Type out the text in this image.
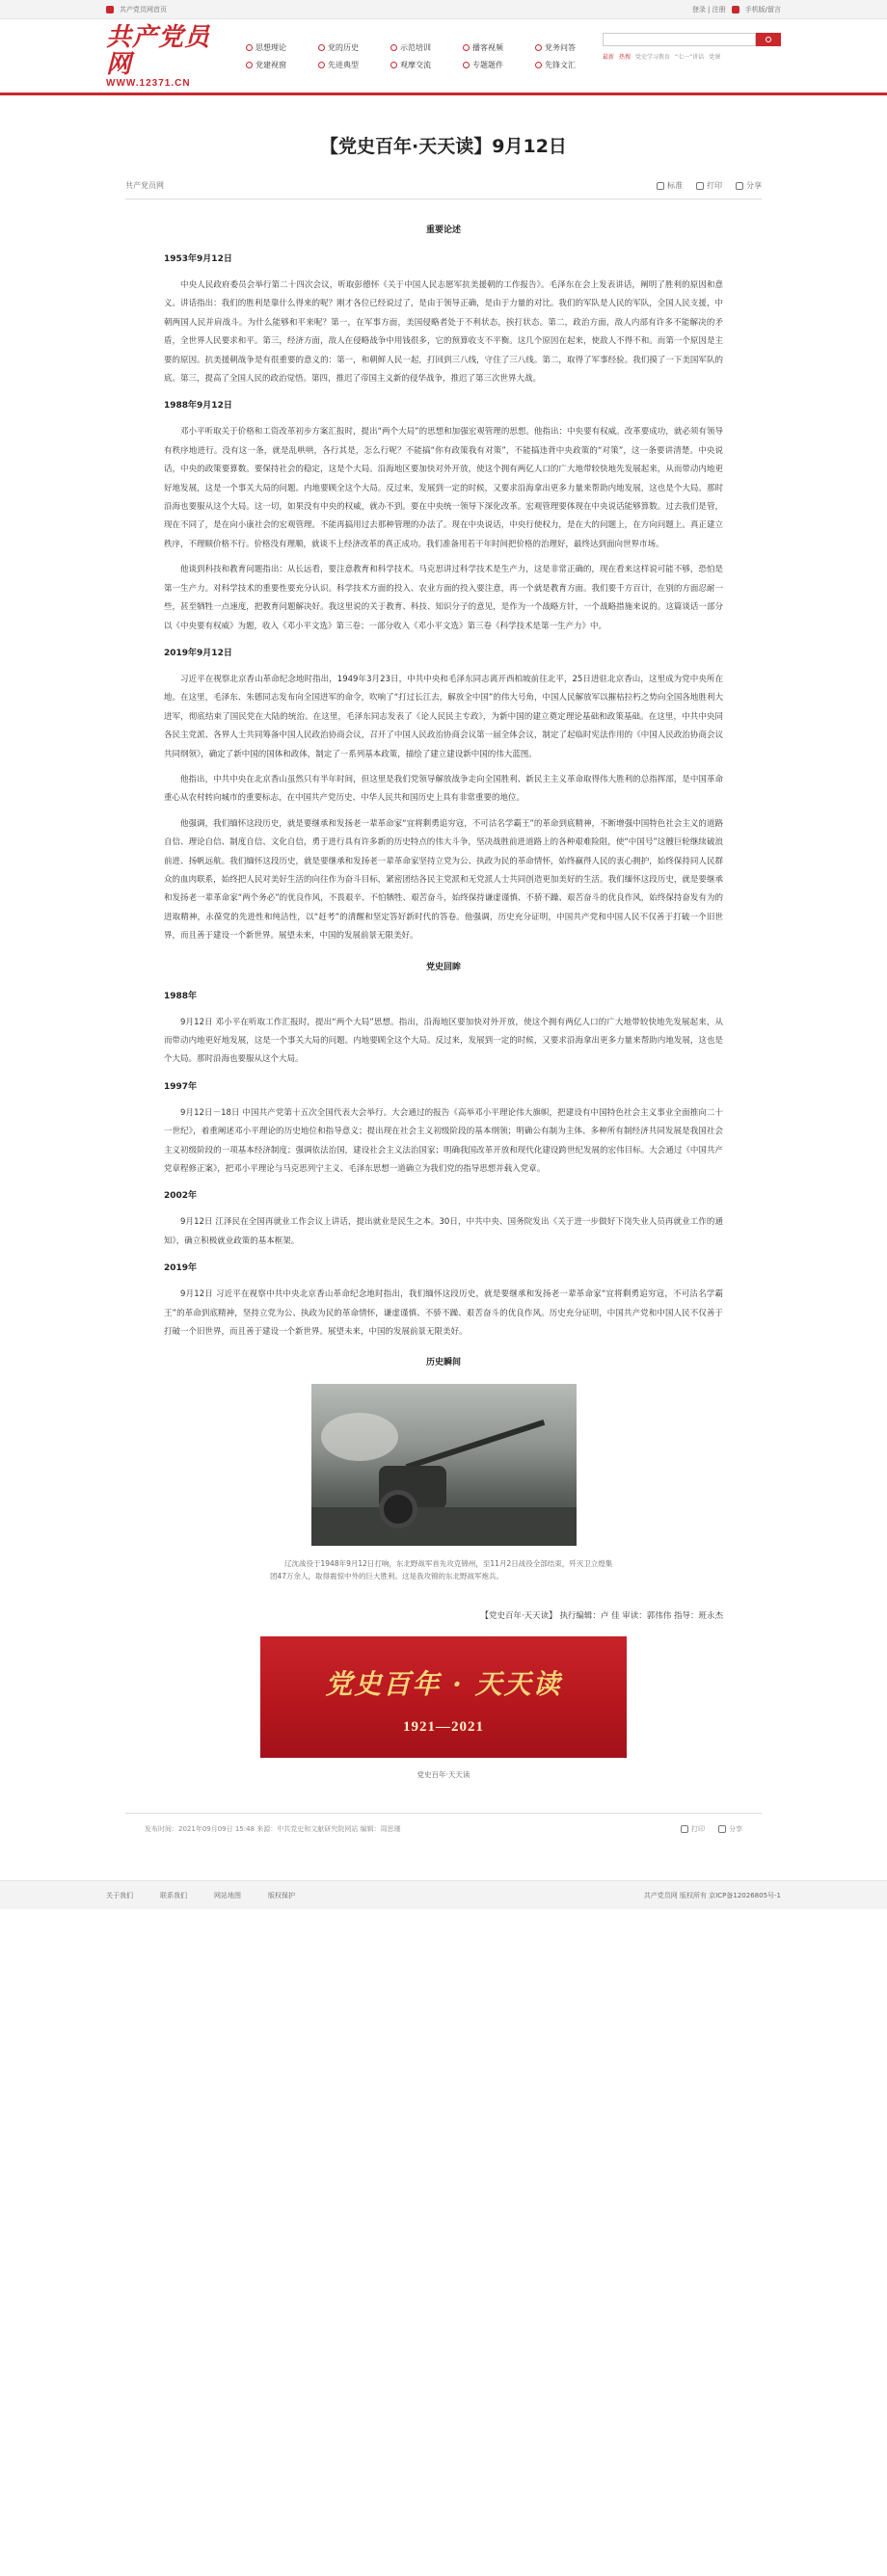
共产党员网首页	登录 | 注册	手机版/留言
共产党员网
WWW.12371.CN
思想理论	党的历史	示范培训	播客视频	党务问答
党建视窗	先进典型	观摩交流	专题题件	先锋文汇
最新 热搜 党史学习教育 “七一”讲话 党课
【党史百年·天天读】9月12日
共产党员网	标准	打印	分享
重要论述
1953年9月12日

中央人民政府委员会举行第二十四次会议，听取彭德怀《关于中国人民志愿军抗美援朝的工作报告》。毛泽东在会上发表讲话，阐明了胜利的原因和意义。讲话指出：我们的胜利是靠什么得来的呢？刚才各位已经说过了，是由于领导正确，是由于力量的对比。我们的军队是人民的军队，全国人民支援，中朝两国人民并肩战斗。为什么能够和平来呢？第一，在军事方面，美国侵略者处于不利状态，挨打状态。第二，政治方面，敌人内部有许多不能解决的矛盾，全世界人民要求和平。第三，经济方面，敌人在侵略战争中用钱很多，它的预算收支不平衡。这几个原因在起来，使敌人不得不和。而第一个原因是主要的原因。抗美援朝战争是有很重要的意义的：第一，和朝鲜人民一起，打回到三八线，守住了三八线。第二，取得了军事经验。我们摸了一下美国军队的底。第三，提高了全国人民的政治觉悟。第四，推迟了帝国主义新的侵华战争，推迟了第三次世界大战。

1988年9月12日

邓小平听取关于价格和工资改革初步方案汇报时，提出“两个大局”的思想和加强宏观管理的思想。他指出：中央要有权威。改革要成功，就必须有领导有秩序地进行。没有这一条，就是乱哄哄，各行其是，怎么行呢？不能搞“你有政策我有对策”，不能搞违背中央政策的“对策”，这一条要讲清楚。中央说话，中央的政策要算数。要保持社会的稳定，这是个大局。沿海地区要加快对外开放，使这个拥有两亿人口的广大地带较快地先发展起来，从而带动内地更好地发展，这是一个事关大局的问题。内地要顾全这个大局。反过来，发展到一定的时候，又要求沿海拿出更多力量来帮助内地发展，这也是个大局。那时沿海也要服从这个大局。这一切，如果没有中央的权威，就办不到。要在中央统一领导下深化改革。宏观管理要体现在中央说话能够算数。过去我们是管，现在不同了，是在向小康社会的宏观管理。不能再搞用过去那种管理的办法了。现在中央说话，中央行使权力，是在大的问题上，在方向问题上。真正建立秩序，不理顺价格不行。价格没有理顺，就谈不上经济改革的真正成功。我们准备用若干年时间把价格的治理好，最终达到面向世界市场。

他谈到科技和教育问题指出：从长远看，要注意教育和科学技术。马克思讲过科学技术是生产力，这是非常正确的，现在看来这样说可能不够，恐怕是第一生产力。对科学技术的重要性要充分认识。科学技术方面的投入、农业方面的投入要注意，再一个就是教育方面。我们要千方百计，在别的方面忍耐一些，甚至牺牲一点速度，把教育问题解决好。我这里说的关于教育、科技、知识分子的意见，是作为一个战略方针，一个战略措施来说的。这篇谈话一部分以《中央要有权威》为题，收入《邓小平文选》第三卷；一部分收入《邓小平文选》第三卷《科学技术是第一生产力》中。

2019年9月12日

习近平在视察北京香山革命纪念地时指出，1949年3月23日，中共中央和毛泽东同志离开西柏坡前往北平，25日进驻北京香山，这里成为党中央所在地。在这里，毛泽东、朱德同志发布向全国进军的命令，吹响了“打过长江去，解放全中国”的伟大号角，中国人民解放军以摧枯拉朽之势向全国各地胜利大进军，彻底结束了国民党在大陆的统治。在这里，毛泽东同志发表了《论人民民主专政》，为新中国的建立奠定理论基础和政策基础。在这里，中共中央同各民主党派、各界人士共同筹备中国人民政治协商会议，召开了中国人民政治协商会议第一届全体会议，制定了起临时宪法作用的《中国人民政治协商会议共同纲领》，确定了新中国的国体和政体，制定了一系列基本政策，描绘了建立建设新中国的伟大蓝图。

他指出，中共中央在北京香山虽然只有半年时间，但这里是我们党领导解放战争走向全国胜利、新民主主义革命取得伟大胜利的总指挥部，是中国革命重心从农村转向城市的重要标志，在中国共产党历史、中华人民共和国历史上具有非常重要的地位。

他强调，我们缅怀这段历史，就是要继承和发扬老一辈革命家“宜将剩勇追穷寇，不可沽名学霸王”的革命到底精神，不断增强中国特色社会主义的道路自信、理论自信、制度自信、文化自信，勇于进行具有许多新的历史特点的伟大斗争，坚决战胜前进道路上的各种艰难险阻，使“中国号”这艘巨轮继续破浪前进、扬帆远航。我们缅怀这段历史，就是要继承和发扬老一辈革命家坚持立党为公、执政为民的革命情怀，始终赢得人民的衷心拥护，始终保持同人民群众的血肉联系，始终把人民对美好生活的向往作为奋斗目标，紧密团结各民主党派和无党派人士共同创造更加美好的生活。我们缅怀这段历史，就是要继承和发扬老一辈革命家“两个务必”的优良作风，不畏艰辛、不怕牺牲、艰苦奋斗，始终保持谦虚谨慎、不骄不躁、艰苦奋斗的优良作风，始终保持奋发有为的进取精神，永葆党的先进性和纯洁性，以“赶考”的清醒和坚定答好新时代的答卷。他强调，历史充分证明，中国共产党和中国人民不仅善于打破一个旧世界，而且善于建设一个新世界。展望未来，中国的发展前景无限美好。

党史回眸
1988年

9月12日 邓小平在听取工作汇报时，提出“两个大局”思想。指出，沿海地区要加快对外开放，使这个拥有两亿人口的广大地带较快地先发展起来，从而带动内地更好地发展，这是一个事关大局的问题。内地要顾全这个大局。反过来，发展到一定的时候，又要求沿海拿出更多力量来帮助内地发展，这也是个大局。那时沿海也要服从这个大局。

1997年

9月12日－18日 中国共产党第十五次全国代表大会举行。大会通过的报告《高举邓小平理论伟大旗帜，把建设有中国特色社会主义事业全面推向二十一世纪》，着重阐述邓小平理论的历史地位和指导意义；提出现在社会主义初级阶段的基本纲领；明确公有制为主体、多种所有制经济共同发展是我国社会主义初级阶段的一项基本经济制度；强调依法治国，建设社会主义法治国家；明确我国改革开放和现代化建设跨世纪发展的宏伟目标。大会通过《中国共产党章程修正案》，把邓小平理论与马克思列宁主义、毛泽东思想一道确立为我们党的指导思想并载入党章。

2002年

9月12日 江泽民在全国再就业工作会议上讲话，提出就业是民生之本。30日，中共中央、国务院发出《关于进一步做好下岗失业人员再就业工作的通知》，确立积极就业政策的基本框架。

2019年

9月12日 习近平在视察中共中央北京香山革命纪念地时指出，我们缅怀这段历史，就是要继承和发扬老一辈革命家“宜将剩勇追穷寇，不可沽名学霸王”的革命到底精神，坚持立党为公、执政为民的革命情怀，谦虚谨慎、不骄不躁、艰苦奋斗的优良作风。历史充分证明，中国共产党和中国人民不仅善于打破一个旧世界，而且善于建设一个新世界。展望未来，中国的发展前景无限美好。

历史瞬间
辽沈战役于1948年9月12日打响，东北野战军首先攻克锦州，至11月2日战役全部结束，歼灭卫立煌集团47万余人，取得震惊中外的巨大胜利。这是我攻锦的东北野战军炮兵。
【党史百年·天天读】 执行编辑：卢 佳 审读：郭伟伟 指导：班永杰
党史百年 · 天天读
1921—2021
党史百年·天天读
发布时间：2021年09月09日 15:48 来源：中共党史和文献研究院网站 编辑：周思瑾	打印	分享
关于我们	联系我们	网站地图	版权保护	共产党员网 版权所有 京ICP备12026805号-1
